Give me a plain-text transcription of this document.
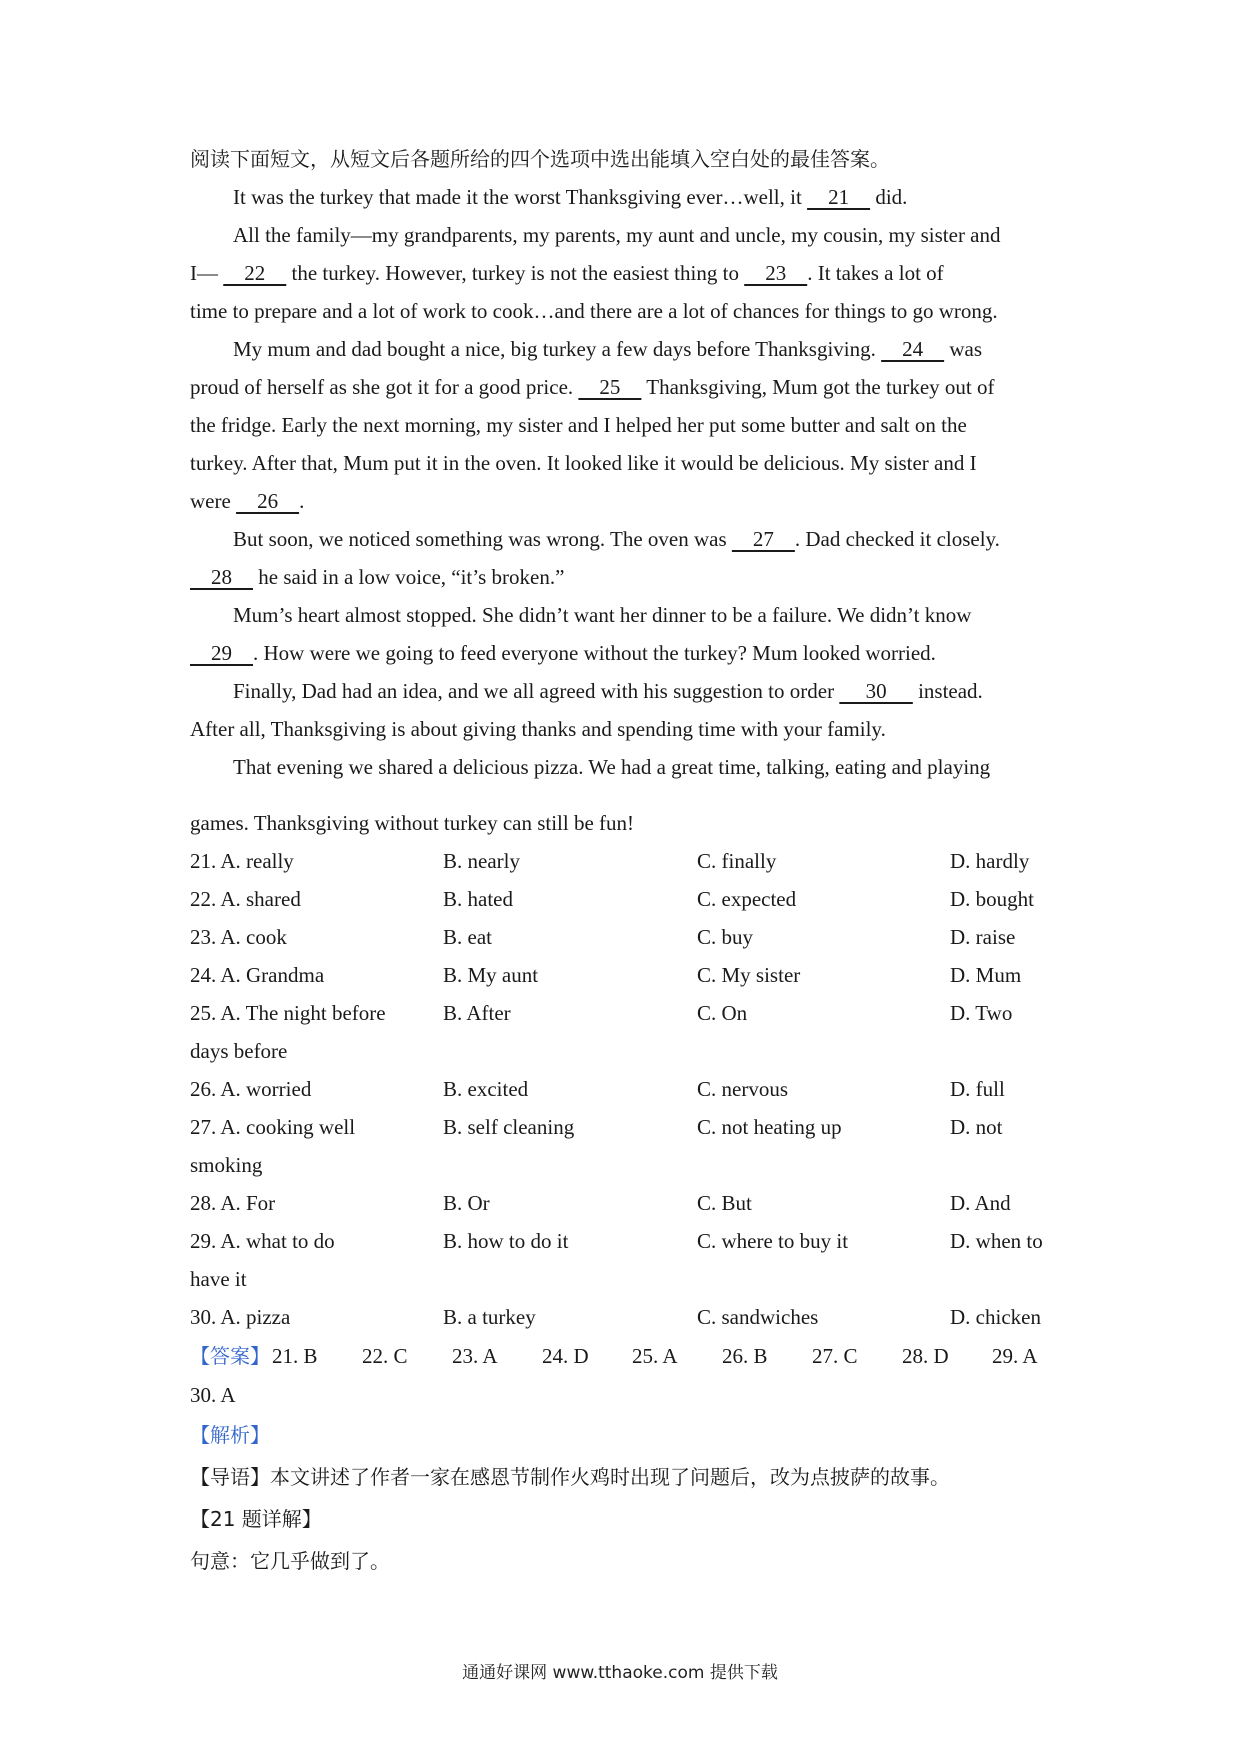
阅读下面短文，从短文后各题所给的四个选项中选出能填入空白处的最佳答案。
It was the turkey that made it the worst Thanksgiving ever…well, it     21     did.
All the family—my grandparents, my parents, my aunt and uncle, my cousin, my sister and
I—     22     the turkey. However, turkey is not the easiest thing to     23    . It takes a lot of
time to prepare and a lot of work to cook…and there are a lot of chances for things to go wrong.
My mum and dad bought a nice, big turkey a few days before Thanksgiving.     24     was
proud of herself as she got it for a good price.     25     Thanksgiving, Mum got the turkey out of
the fridge. Early the next morning, my sister and I helped her put some butter and salt on the
turkey. After that, Mum put it in the oven. It looked like it would be delicious. My sister and I
were     26    .
But soon, we noticed something was wrong. The oven was     27    . Dad checked it closely.
28     he said in a low voice, “it’s broken.”
Mum’s heart almost stopped. She didn’t want her dinner to be a failure. We didn’t know
29    . How were we going to feed everyone without the turkey? Mum looked worried.
Finally, Dad had an idea, and we all agreed with his suggestion to order      30      instead.
After all, Thanksgiving is about giving thanks and spending time with your family.
That evening we shared a delicious pizza. We had a great time, talking, eating and playing
games. Thanksgiving without turkey can still be fun!
21. A. really	B. nearly	C. finally	D. hardly
22. A. shared	B. hated	C. expected	D. bought
23. A. cook	B. eat	C. buy	D. raise
24. A. Grandma	B. My aunt	C. My sister	D. Mum
25. A. The night before	B. After	C. On	D. Two
days before
26. A. worried	B. excited	C. nervous	D. full
27. A. cooking well	B. self cleaning	C. not heating up	D. not
smoking
28. A. For	B. Or	C. But	D. And
29. A. what to do	B. how to do it	C. where to buy it	D. when to
have it
30. A. pizza	B. a turkey	C. sandwiches	D. chicken
【答案】 21. B 22. C 23. A 24. D 25. A 26. B 27. C 28. D 29. A
30. A
【解析】
【导语】本文讲述了作者一家在感恩节制作火鸡时出现了问题后，改为点披萨的故事。
【21 题详解】
句意：它几乎做到了。
通通好课网 www.tthaoke.com 提供下载
